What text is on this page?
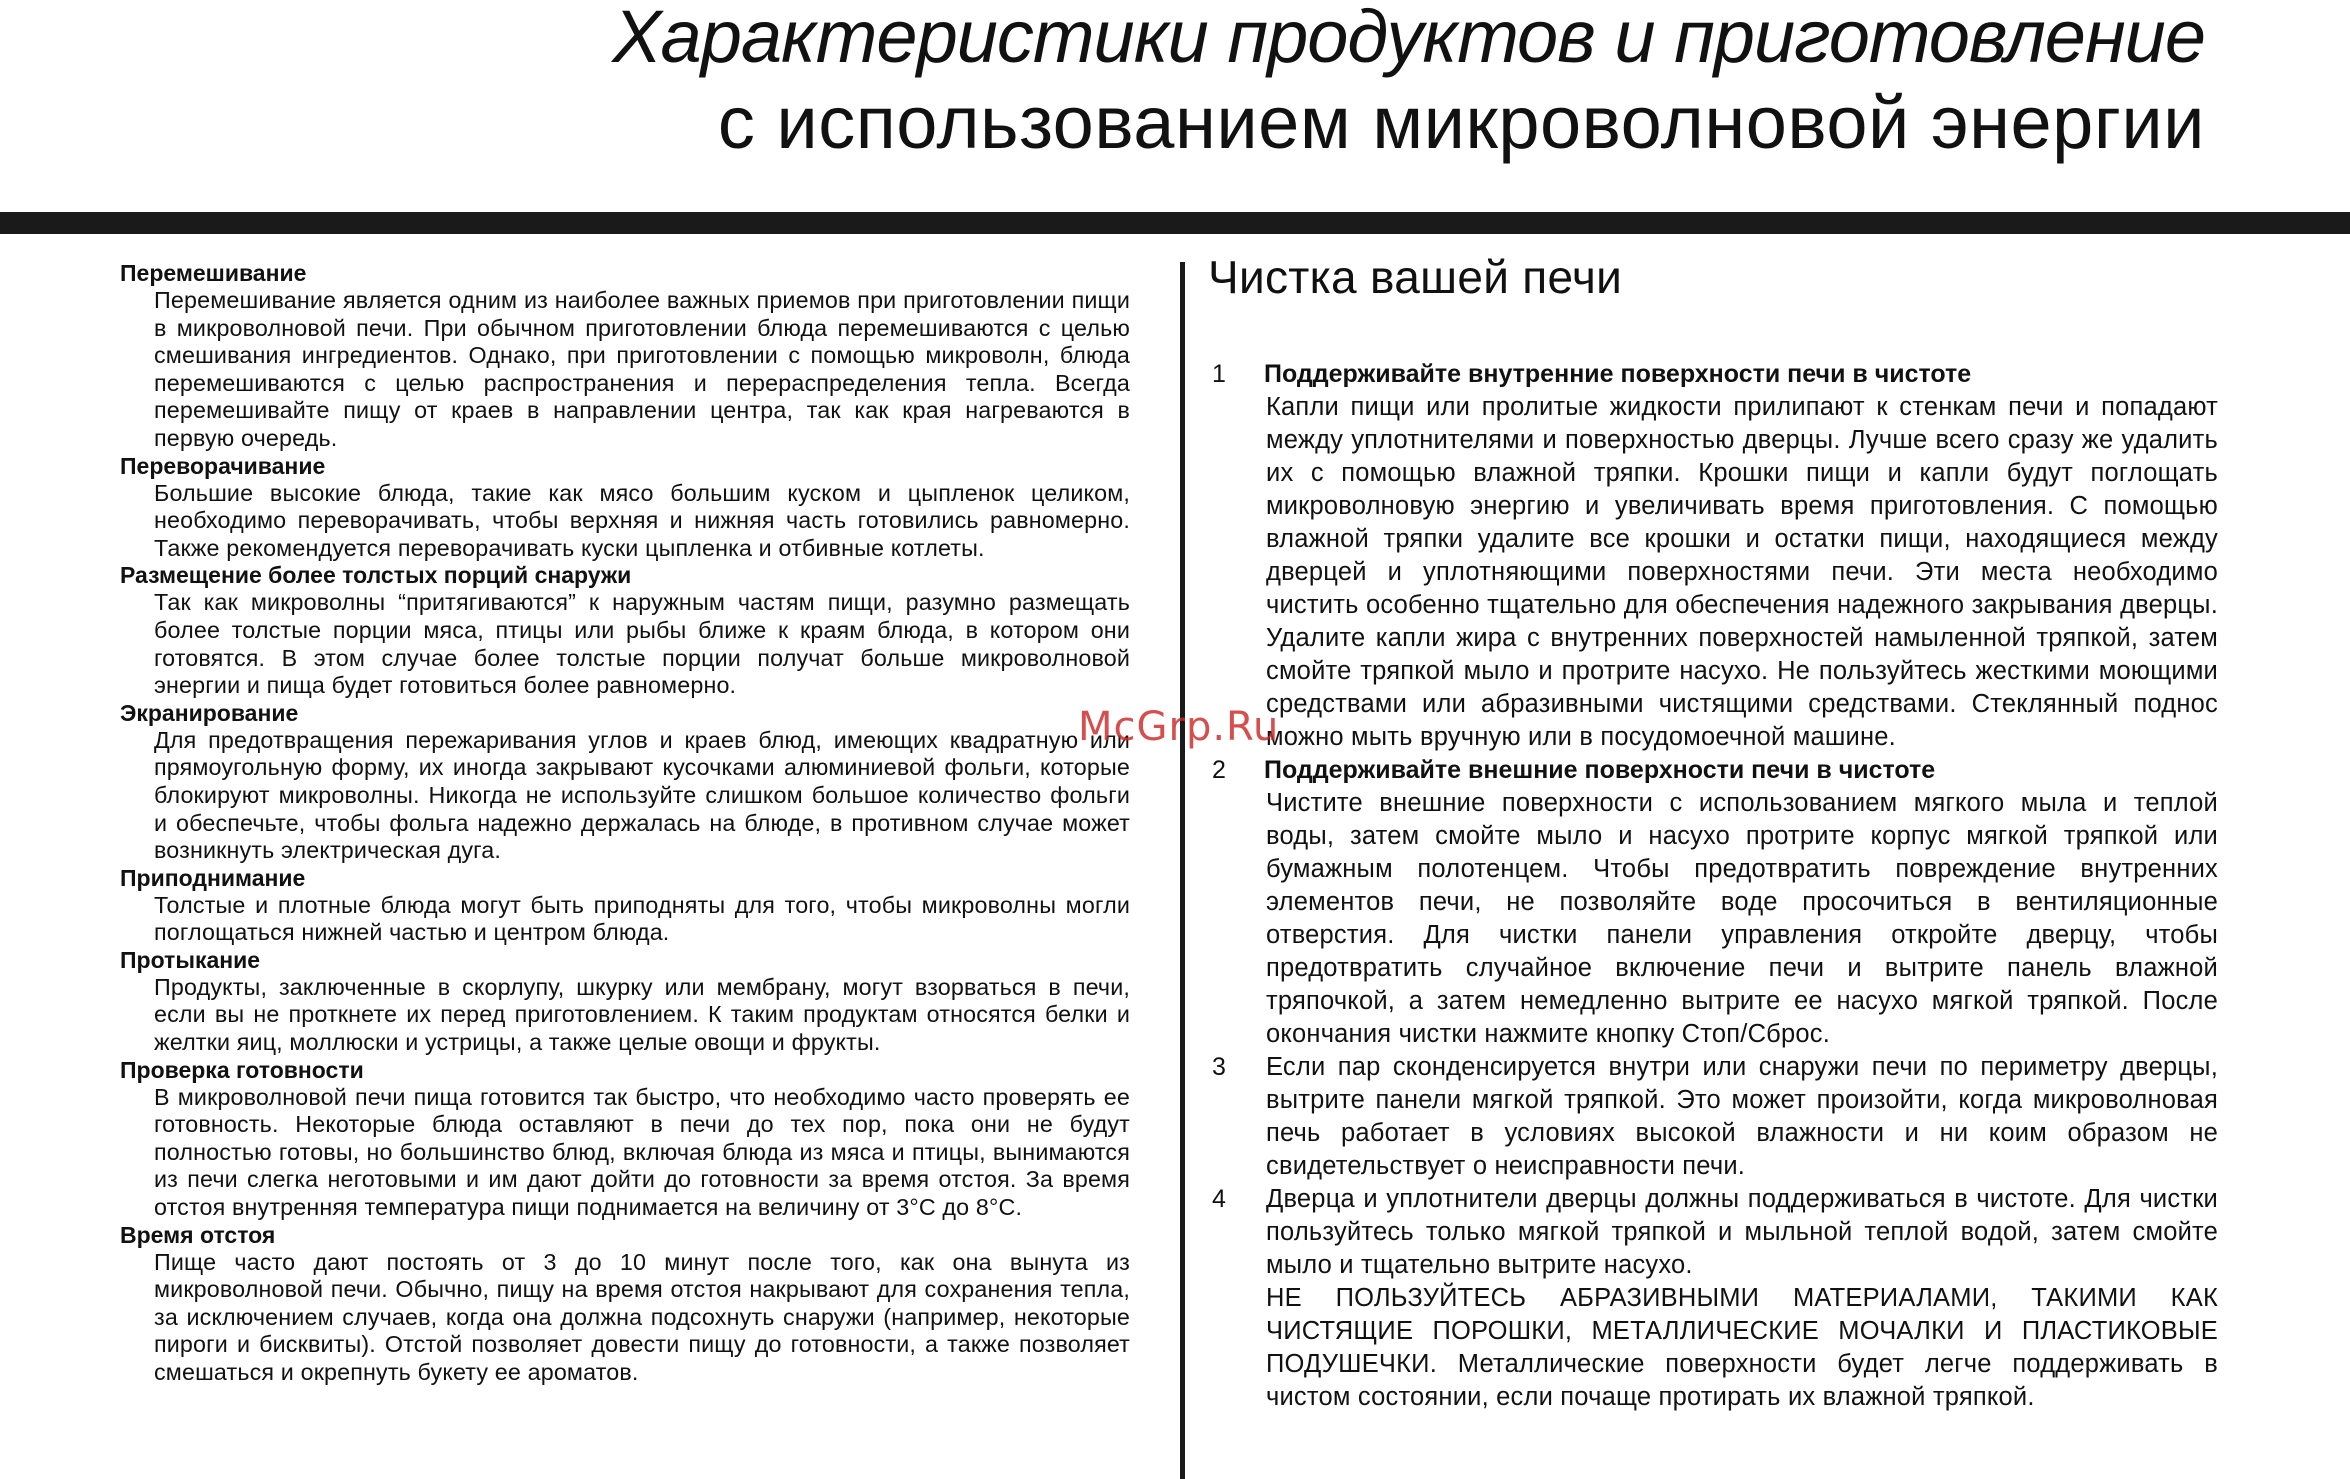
Характеристики продуктов и приготовление
с использованием микроволновой энергии
Перемешивание

Перемешивание является одним из наиболее важных приемов при приготовлении пищи в микроволновой печи. При обычном приготовлении блюда перемешиваются с целью смешивания ингредиентов. Однако, при приготовлении с помощью микроволн, блюда перемешиваются с целью распространения и перераспределения тепла. Всегда перемешивайте пищу от краев в направлении центра, так как края нагреваются в первую очередь.

Переворачивание

Большие высокие блюда, такие как мясо большим куском и цыпленок целиком, необходимо переворачивать, чтобы верхняя и нижняя часть готовились равномерно. Также рекомендуется переворачивать куски цыпленка и отбивные котлеты.

Размещение более толстых порций снаружи

Так как микроволны “притягиваются” к наружным частям пищи, разумно размещать более толстые порции мяса, птицы или рыбы ближе к краям блюда, в котором они готовятся. В этом случае более толстые порции получат больше микроволновой энергии и пища будет готовиться более равномерно.

Экранирование

Для предотвращения пережаривания углов и краев блюд, имеющих квадратную или прямоугольную форму, их иногда закрывают кусочками алюминиевой фольги, которые блокируют микроволны. Никогда не используйте слишком большое количество фольги и обеспечьте, чтобы фольга надежно держалась на блюде, в противном случае может возникнуть электрическая дуга.

Приподнимание

Толстые и плотные блюда могут быть приподняты для того, чтобы микроволны могли поглощаться нижней частью и центром блюда.

Протыкание

Продукты, заключенные в скорлупу, шкурку или мембрану, могут взорваться в печи, если вы не проткнете их перед приготовлением. К таким продуктам относятся белки и желтки яиц, моллюски и устрицы, а также целые овощи и фрукты.

Проверка готовности

В микроволновой печи пища готовится так быстро, что необходимо часто проверять ее готовность. Некоторые блюда оставляют в печи до тех пор, пока они не будут полностью готовы, но большинство блюд, включая блюда из мяса и птицы, вынимаются из печи слегка неготовыми и им дают дойти до готовности за время отстоя. За время отстоя внутренняя температура пищи поднимается на величину от 3°С до 8°С.

Время отстоя

Пище часто дают постоять от 3 до 10 минут после того, как она вынута из микроволновой печи. Обычно, пищу на время отстоя накрывают для сохранения тепла, за исключением случаев, когда она должна подсохнуть снаружи (например, некоторые пироги и бисквиты). Отстой позволяет довести пищу до готовности, а также позволяет смешаться и окрепнуть букету ее ароматов.

Чистка вашей печи
1 Поддерживайте внутренние поверхности печи в чистоте

Капли пищи или пролитые жидкости прилипают к стенкам печи и попадают между уплотнителями и поверхностью дверцы. Лучше всего сразу же удалить их с помощью влажной тряпки. Крошки пищи и капли будут поглощать микроволновую энергию и увеличивать время приготовления. С помощью влажной тряпки удалите все крошки и остатки пищи, находящиеся между дверцей и уплотняющими поверхностями печи. Эти места необходимо чистить особенно тщательно для обеспечения надежного закрывания дверцы. Удалите капли жира с внутренних поверхностей намыленной тряпкой, затем смойте тряпкой мыло и протрите насухо. Не пользуйтесь жесткими моющими средствами или абразивными чистящими средствами. Стеклянный поднос можно мыть вручную или в посудомоечной машине.

2 Поддерживайте внешние поверхности печи в чистоте

Чистите внешние поверхности с использованием мягкого мыла и теплой воды, затем смойте мыло и насухо протрите корпус мягкой тряпкой или бумажным полотенцем. Чтобы предотвратить повреждение внутренних элементов печи, не позволяйте воде просочиться в вентиляционные отверстия. Для чистки панели управления откройте дверцу, чтобы предотвратить случайное включение печи и вытрите панель влажной тряпочкой, а затем немедленно вытрите ее насухо мягкой тряпкой. После окончания чистки нажмите кнопку Стоп/Сброс.

3 Если пар сконденсируется внутри или снаружи печи по периметру дверцы, вытрите панели мягкой тряпкой. Это может произойти, когда микроволновая печь работает в условиях высокой влажности и ни коим образом не свидетельствует о неисправности печи.

4 Дверца и уплотнители дверцы должны поддерживаться в чистоте. Для чистки пользуйтесь только мягкой тряпкой и мыльной теплой водой, затем смойте мыло и тщательно вытрите насухо.

НЕ ПОЛЬЗУЙТЕСЬ АБРАЗИВНЫМИ МАТЕРИАЛАМИ, ТАКИМИ КАК ЧИСТЯЩИЕ ПОРОШКИ, МЕТАЛЛИЧЕСКИЕ МОЧАЛКИ И ПЛАСТИКОВЫЕ ПОДУШЕЧКИ. Металлические поверхности будет легче поддерживать в чистом состоянии, если почаще протирать их влажной тряпкой.

McGrp.Ru
